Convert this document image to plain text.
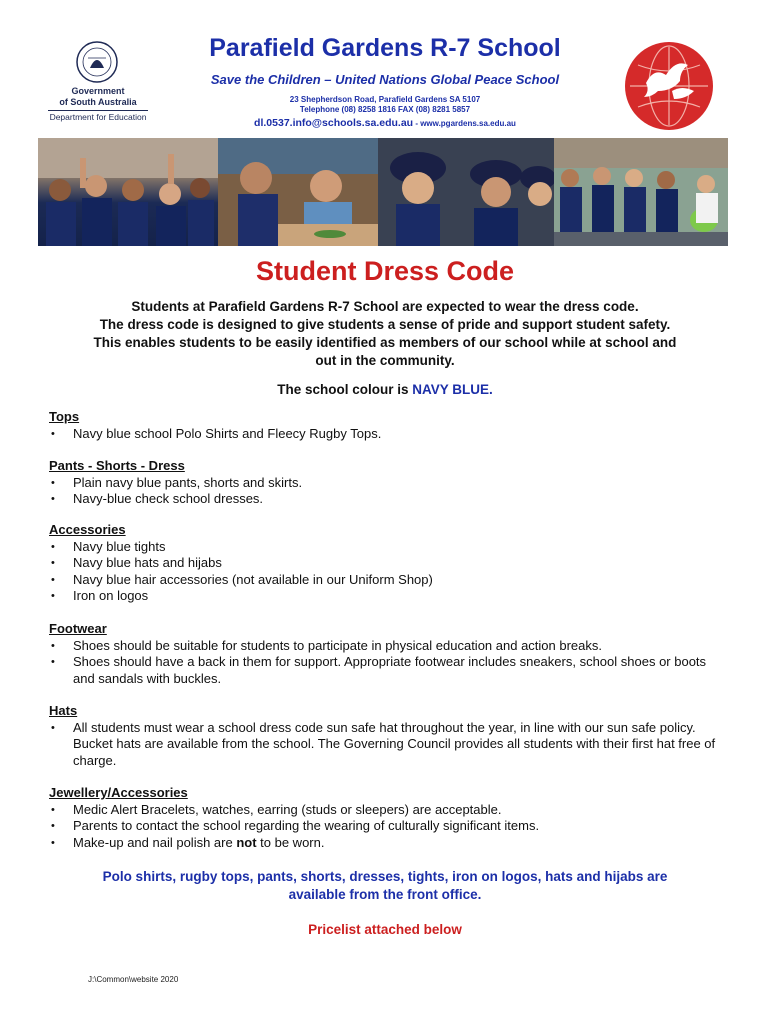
Government
of South Australia
Department for Education
Parafield Gardens R-7 School
Save the Children – United Nations Global Peace School
23 Shepherdson Road, Parafield Gardens SA 5107
Telephone (08) 8258 1816 FAX (08) 8281 5857
dl.0537.info@schools.sa.edu.au - www.pgardens.sa.edu.au
Student Dress Code
Students at Parafield Gardens R-7 School are expected to wear the dress code.
The dress code is designed to give students a sense of pride and support student safety.
This enables students to be easily identified as members of our school while at school and
out in the community.
The school colour is NAVY BLUE.
Tops
• Navy blue school Polo Shirts and Fleecy Rugby Tops.
Pants - Shorts - Dress
• Plain navy blue pants, shorts and skirts.
• Navy-blue check school dresses.
Accessories
• Navy blue tights
• Navy blue hats and hijabs
• Navy blue hair accessories (not available in our Uniform Shop)
• Iron on logos
Footwear
• Shoes should be suitable for students to participate in physical education and action breaks.
• Shoes should have a back in them for support. Appropriate footwear includes sneakers, school shoes or boots and sandals with buckles.
Hats
• All students must wear a school dress code sun safe hat throughout the year, in line with our sun safe policy. Bucket hats are available from the school. The Governing Council provides all students with their first hat free of charge.
Jewellery/Accessories
• Medic Alert Bracelets, watches, earring (studs or sleepers) are acceptable.
• Parents to contact the school regarding the wearing of culturally significant items.
• Make-up and nail polish are not to be worn.
Polo shirts, rugby tops, pants, shorts, dresses, tights, iron on logos, hats and hijabs are
available from the front office.
Pricelist attached below
J:\Common\website 2020
